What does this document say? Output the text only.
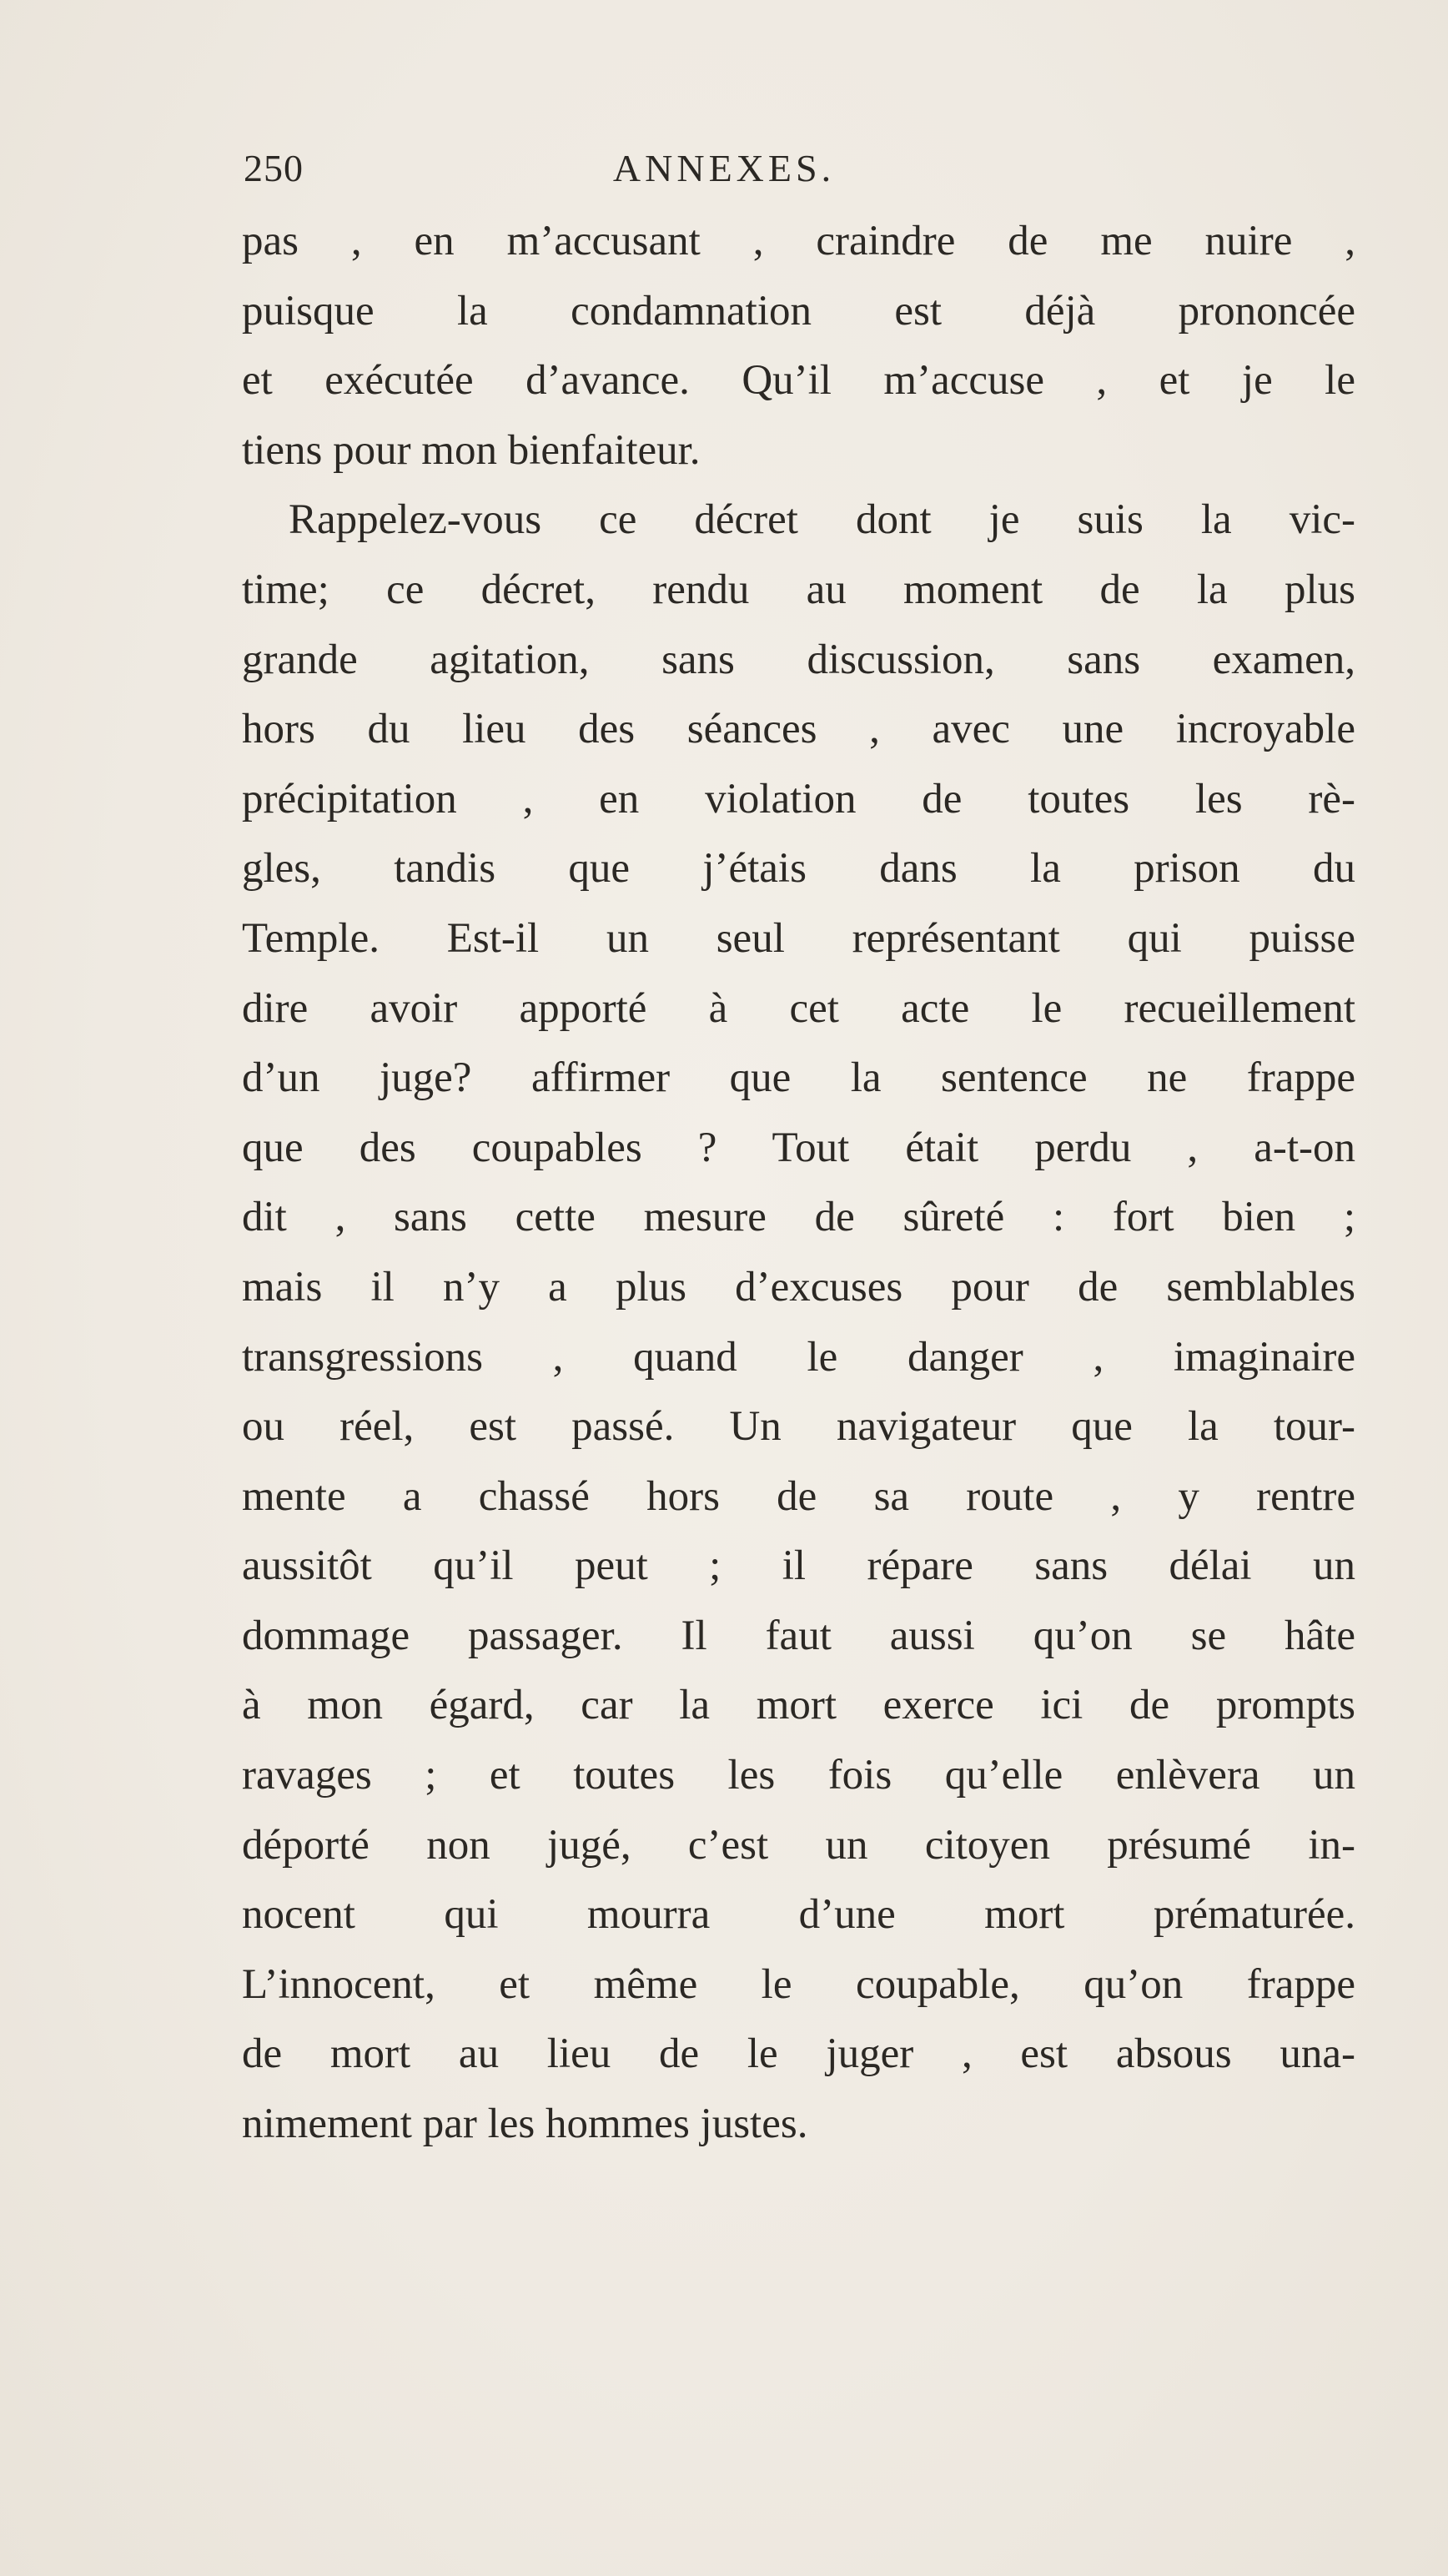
250	ANNEXES.
pas , en m’accusant , craindre de me nuire ,
puisque la condamnation est déjà prononcée
et exécutée d’avance. Qu’il m’accuse , et je le
tiens pour mon bienfaiteur.
Rappelez-vous ce décret dont je suis la vic-
time; ce décret, rendu au moment de la plus
grande agitation, sans discussion, sans examen,
hors du lieu des séances , avec une incroyable
précipitation , en violation de toutes les rè-
gles, tandis que j’étais dans la prison du
Temple. Est-il un seul représentant qui puisse
dire avoir apporté à cet acte le recueillement
d’un juge? affirmer que la sentence ne frappe
que des coupables ? Tout était perdu , a-t-on
dit , sans cette mesure de sûreté : fort bien ;
mais il n’y a plus d’excuses pour de semblables
transgressions , quand le danger , imaginaire
ou réel, est passé. Un navigateur que la tour-
mente a chassé hors de sa route , y rentre
aussitôt qu’il peut ; il répare sans délai un
dommage passager. Il faut aussi qu’on se hâte
à mon égard, car la mort exerce ici de prompts
ravages ; et toutes les fois qu’elle enlèvera un
déporté non jugé, c’est un citoyen présumé in-
nocent qui mourra d’une mort prématurée.
L’innocent, et même le coupable, qu’on frappe
de mort au lieu de le juger , est absous una-
nimement par les hommes justes.
